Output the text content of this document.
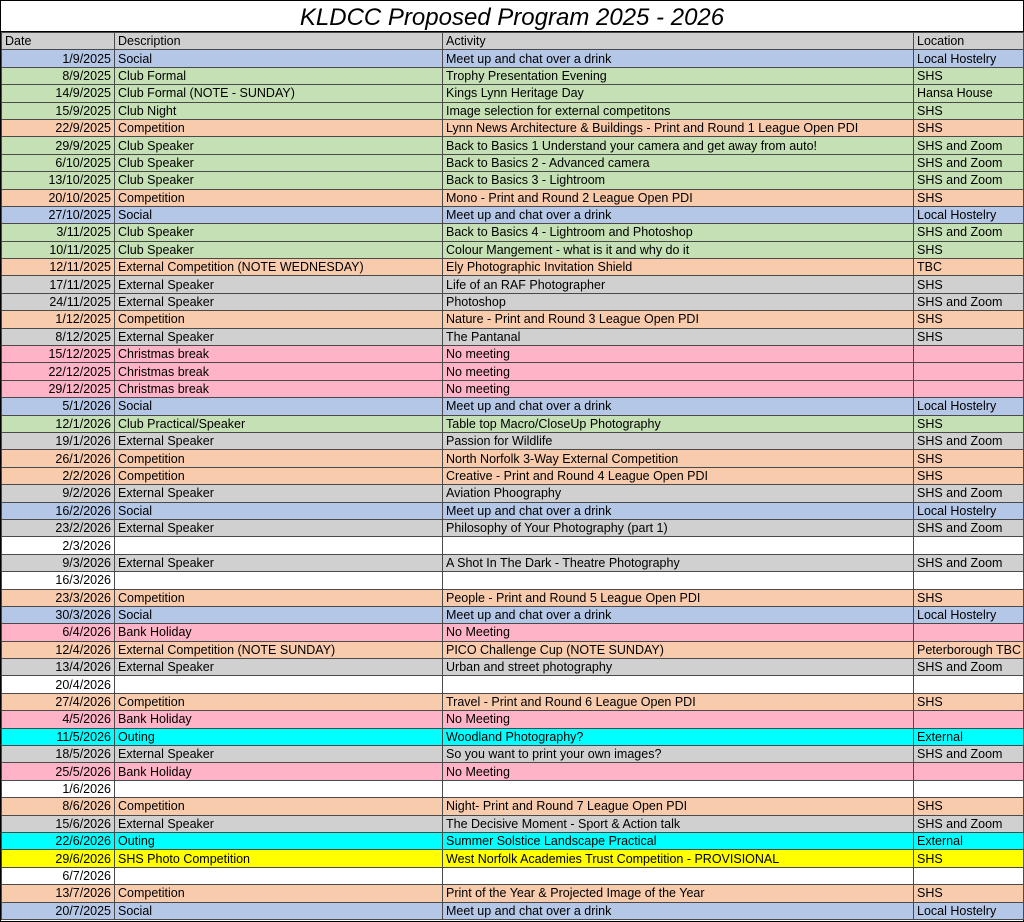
KLDCC Proposed Program 2025 - 2026
Date	Description	Activity	Location
1/9/2025	Social	Meet up and chat over a drink	Local Hostelry
8/9/2025	Club Formal	Trophy Presentation Evening	SHS
14/9/2025	Club Formal (NOTE - SUNDAY)	Kings Lynn Heritage Day	Hansa House
15/9/2025	Club Night	Image selection for external competitons	SHS
22/9/2025	Competition	Lynn News Architecture & Buildings - Print and Round 1 League Open PDI	SHS
29/9/2025	Club Speaker	Back to Basics 1 Understand your camera and get away from auto!	SHS and Zoom
6/10/2025	Club Speaker	Back to Basics 2 - Advanced camera	SHS and Zoom
13/10/2025	Club Speaker	Back to Basics 3 - Lightroom	SHS and Zoom
20/10/2025	Competition	Mono - Print and Round 2 League Open PDI	SHS
27/10/2025	Social	Meet up and chat over a drink	Local Hostelry
3/11/2025	Club Speaker	Back to Basics 4 - Lightroom and Photoshop	SHS and Zoom
10/11/2025	Club Speaker	Colour Mangement - what is it and why do it	SHS
12/11/2025	External Competition (NOTE WEDNESDAY)	Ely Photographic Invitation Shield	TBC
17/11/2025	External Speaker	Life of an RAF Photographer	SHS
24/11/2025	External Speaker	Photoshop	SHS and Zoom
1/12/2025	Competition	Nature - Print and Round 3 League Open PDI	SHS
8/12/2025	External Speaker	The Pantanal	SHS
15/12/2025	Christmas break	No meeting	
22/12/2025	Christmas break	No meeting	
29/12/2025	Christmas break	No meeting	
5/1/2026	Social	Meet up and chat over a drink	Local Hostelry
12/1/2026	Club Practical/Speaker	Table top Macro/CloseUp Photography	SHS
19/1/2026	External Speaker	Passion for Wildlife	SHS and Zoom
26/1/2026	Competition	North Norfolk 3-Way External Competition	SHS
2/2/2026	Competition	Creative - Print and Round 4 League Open PDI	SHS
9/2/2026	External Speaker	Aviation Phoography	SHS and Zoom
16/2/2026	Social	Meet up and chat over a drink	Local Hostelry
23/2/2026	External Speaker	Philosophy of Your Photography (part 1)	SHS and Zoom
2/3/2026			
9/3/2026	External Speaker	A Shot In The Dark - Theatre Photography	SHS and Zoom
16/3/2026			
23/3/2026	Competition	People - Print and Round 5 League Open PDI	SHS
30/3/2026	Social	Meet up and chat over a drink	Local Hostelry
6/4/2026	Bank Holiday	No Meeting	
12/4/2026	External Competition (NOTE SUNDAY)	PICO Challenge Cup (NOTE SUNDAY)	Peterborough TBC
13/4/2026	External Speaker	Urban and street photography	SHS and Zoom
20/4/2026			
27/4/2026	Competition	Travel - Print and Round 6 League Open PDI	SHS
4/5/2026	Bank Holiday	No Meeting	
11/5/2026	Outing	Woodland Photography?	External
18/5/2026	External Speaker	So you want to print your own images?	SHS and Zoom
25/5/2026	Bank Holiday	No Meeting	
1/6/2026			
8/6/2026	Competition	Night- Print and Round 7 League Open PDI	SHS
15/6/2026	External Speaker	The Decisive Moment - Sport & Action talk	SHS and Zoom
22/6/2026	Outing	Summer Solstice Landscape Practical	External
29/6/2026	SHS Photo Competition	West Norfolk Academies Trust Competition - PROVISIONAL	SHS
6/7/2026			
13/7/2026	Competition	Print of the Year & Projected Image of the Year	SHS
20/7/2025	Social	Meet up and chat over a drink	Local Hostelry
